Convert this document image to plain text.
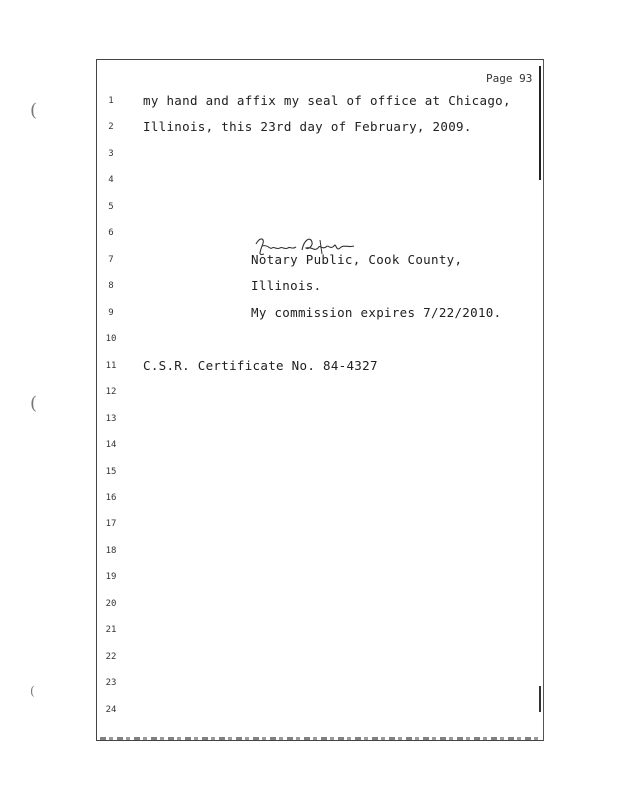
(
(
(
Page 93
1
2
3
4
5
6
7
8
9
10
11
12
13
14
15
16
17
18
19
20
21
22
23
24
my hand and affix my seal of office at Chicago,
Illinois, this 23rd day of February, 2009.
Notary Public, Cook County,
Illinois.
My commission expires 7/22/2010.
C.S.R. Certificate No. 84-4327
